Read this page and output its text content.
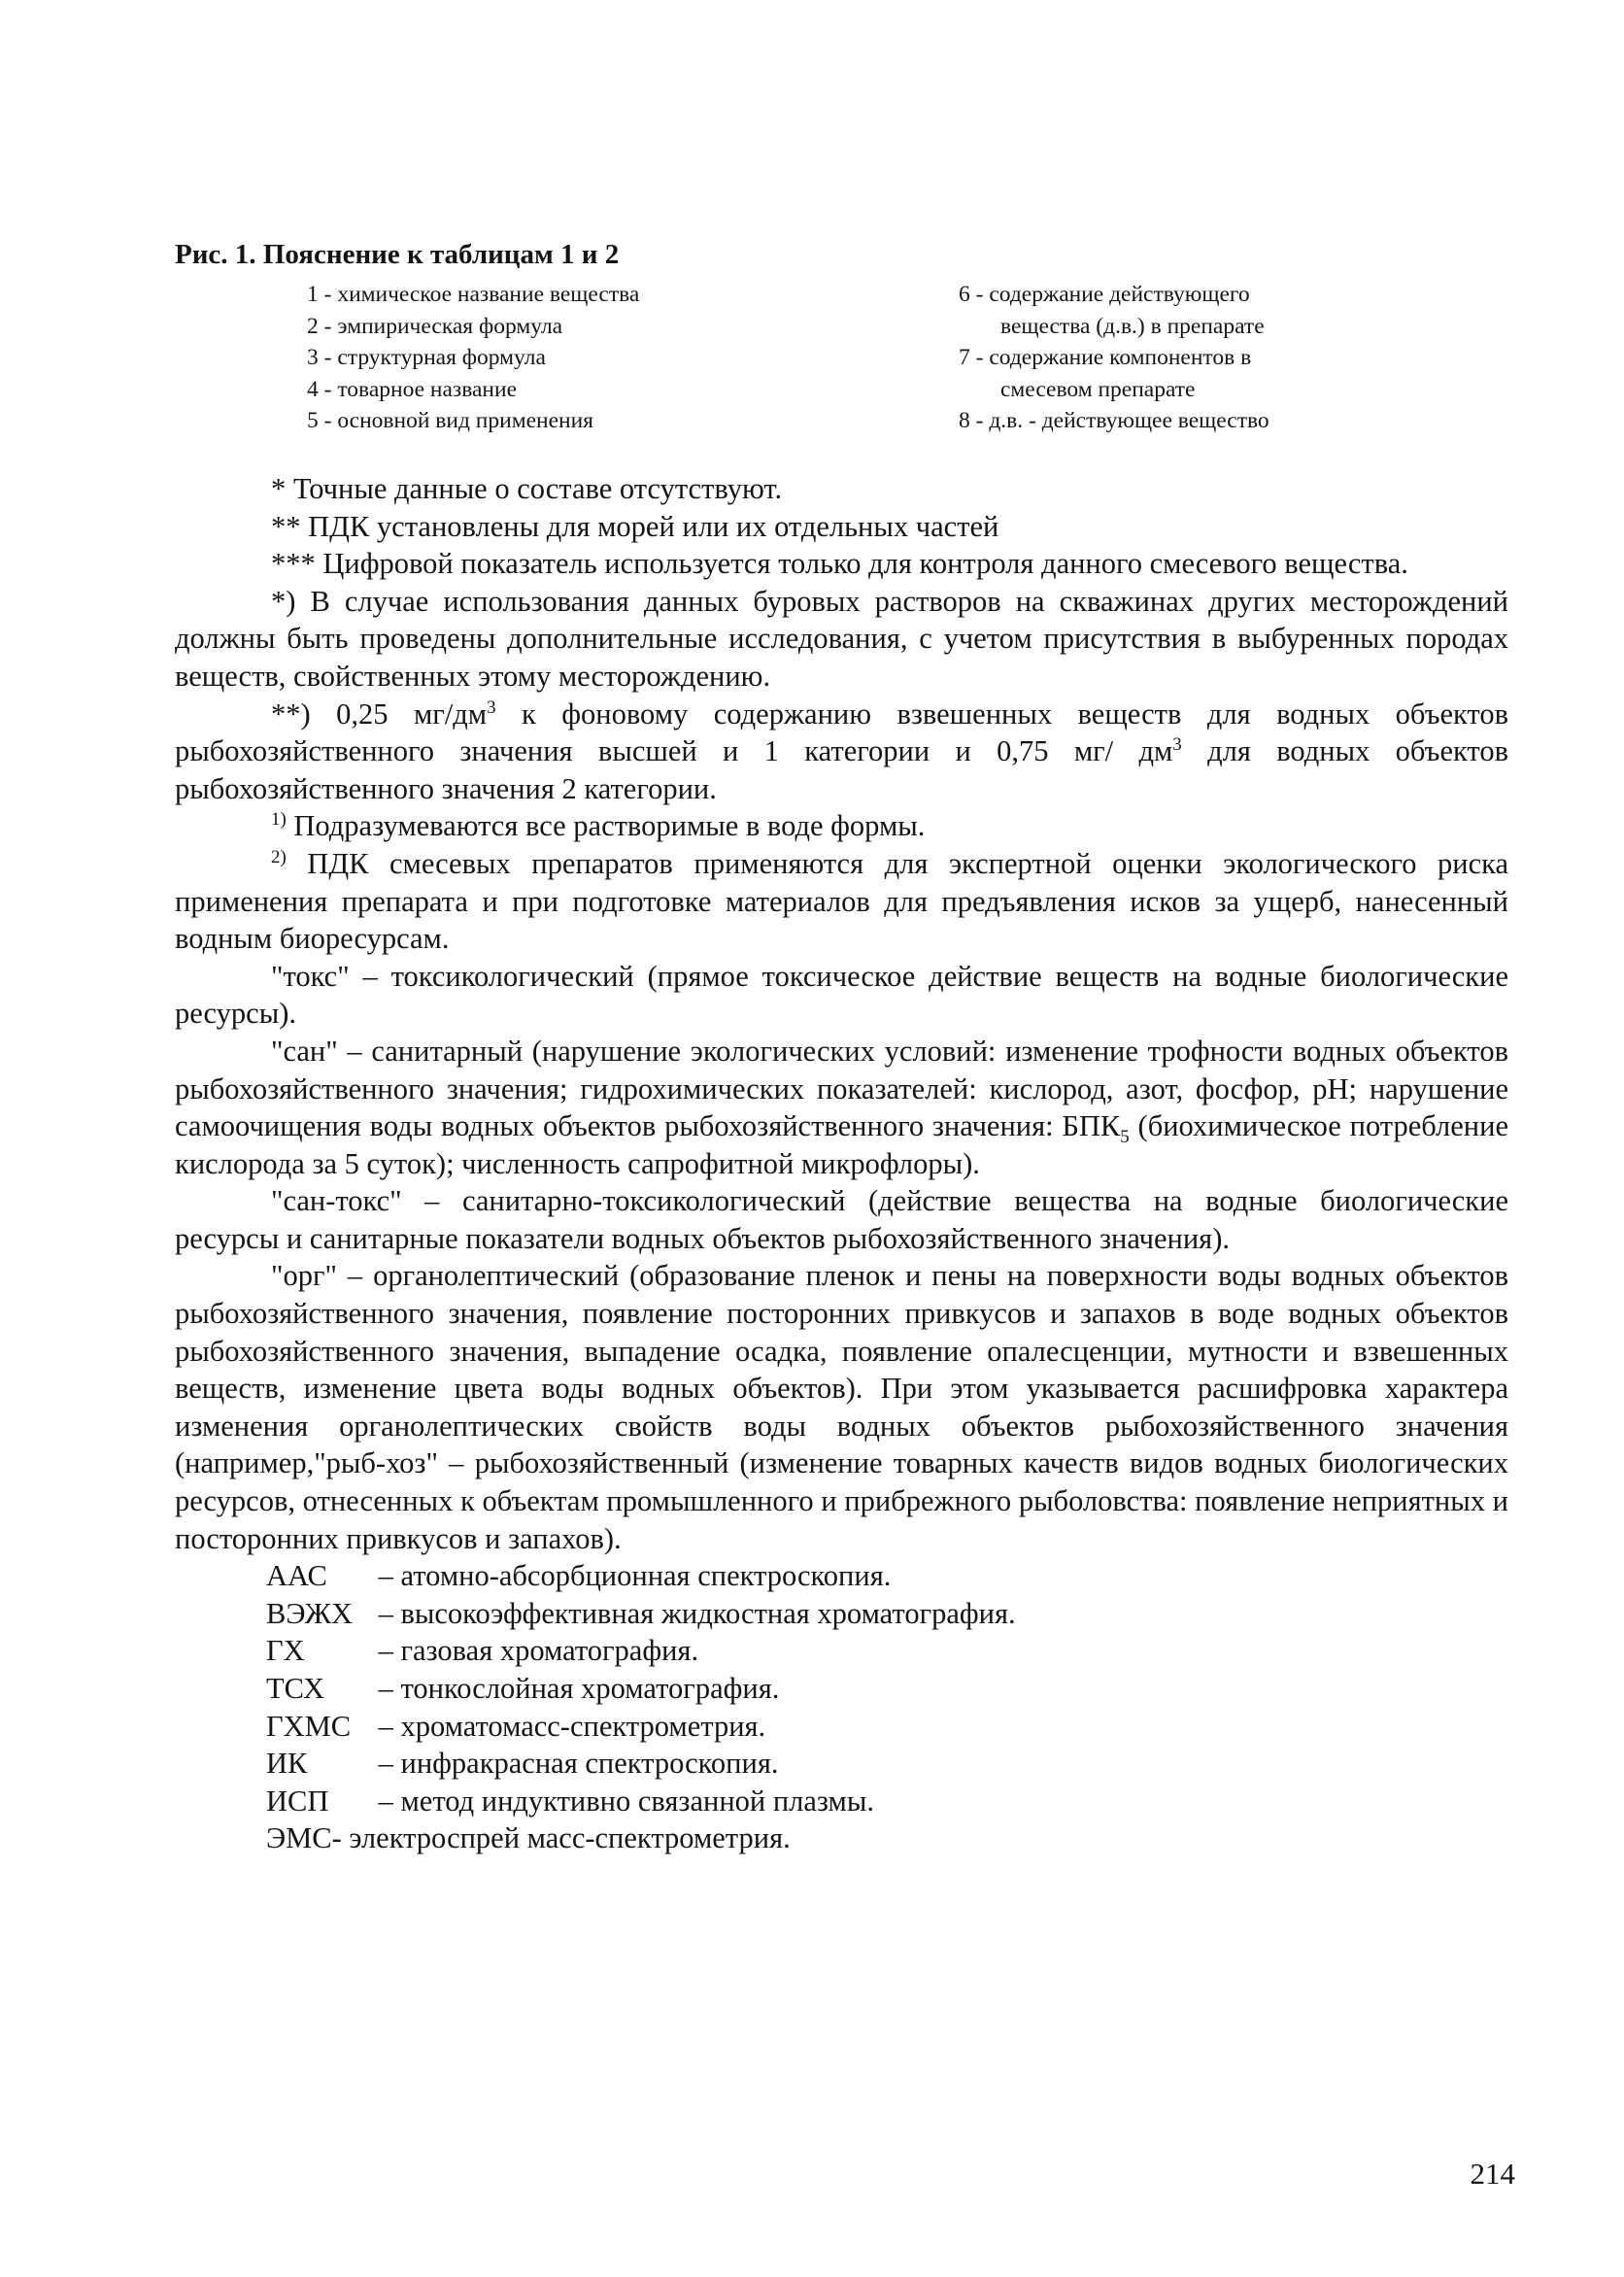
Рис. 1. Пояснение к таблицам 1 и 2
1 - химическое название вещества
2 - эмпирическая формула
3 - структурная формула
4 - товарное название
5 - основной вид применения
6 - содержание действующего
вещества (д.в.) в препарате
7 - содержание компонентов в
смесевом препарате
8 - д.в. - действующее вещество

* Точные данные о составе отсутствуют.

** ПДК установлены для морей или их отдельных частей

*** Цифровой показатель используется только для контроля данного смесевого вещества.

*) В случае использования данных буровых растворов на скважинах других месторождений должны быть проведены дополнительные исследования, с учетом присутствия в выбуренных породах веществ, свойственных этому месторождению.

**) 0,25 $мг/дм^3$ к фоновому содержанию взвешенных веществ для водных объектов рыбохозяйственного значения высшей и 1 категории и 0,75 мг/ $дм^3$ для водных объектов рыбохозяйственного значения 2 категории.

$^{1)}$ Подразумеваются все растворимые в воде формы.

$^{2)}$ ПДК смесевых препаратов применяются для экспертной оценки экологического риска применения препарата и при подготовке материалов для предъявления исков за ущерб, нанесенный водным биоресурсам.

"токс" – токсикологический (прямое токсическое действие веществ на водные биологические ресурсы).

"сан" – санитарный (нарушение экологических условий: изменение трофности водных объектов рыбохозяйственного значения; гидрохимических показателей: кислород, азот, фосфор, рН; нарушение самоочищения воды водных объектов рыбохозяйственного значения: $БПК_5$ (биохимическое потребление кислорода за 5 суток); численность сапрофитной микрофлоры).

"сан-токс" – санитарно-токсикологический (действие вещества на водные биологические ресурсы и санитарные показатели водных объектов рыбохозяйственного значения).

"орг" – органолептический (образование пленок и пены на поверхности воды водных объектов рыбохозяйственного значения, появление посторонних привкусов и запахов в воде водных объектов рыбохозяйственного значения, выпадение осадка, появление опалесценции, мутности и взвешенных веществ, изменение цвета воды водных объектов). При этом указывается расшифровка характера изменения органолептических свойств воды водных объектов рыбохозяйственного значения (например,"рыб-хоз" – рыбохозяйственный (изменение товарных качеств видов водных биологических ресурсов, отнесенных к объектам промышленного и прибрежного рыболовства: появление неприятных и посторонних привкусов и запахов).

ААС – атомно-абсорбционная спектроскопия.
ВЭЖХ – высокоэффективная жидкостная хроматография.
ГХ – газовая хроматография.
ТСХ – тонкослойная хроматография.
ГХМС – хроматомасс-спектрометрия.
ИК – инфракрасная спектроскопия.
ИСП – метод индуктивно связанной плазмы.
ЭМС- электроспрей масс-спектрометрия.
214
